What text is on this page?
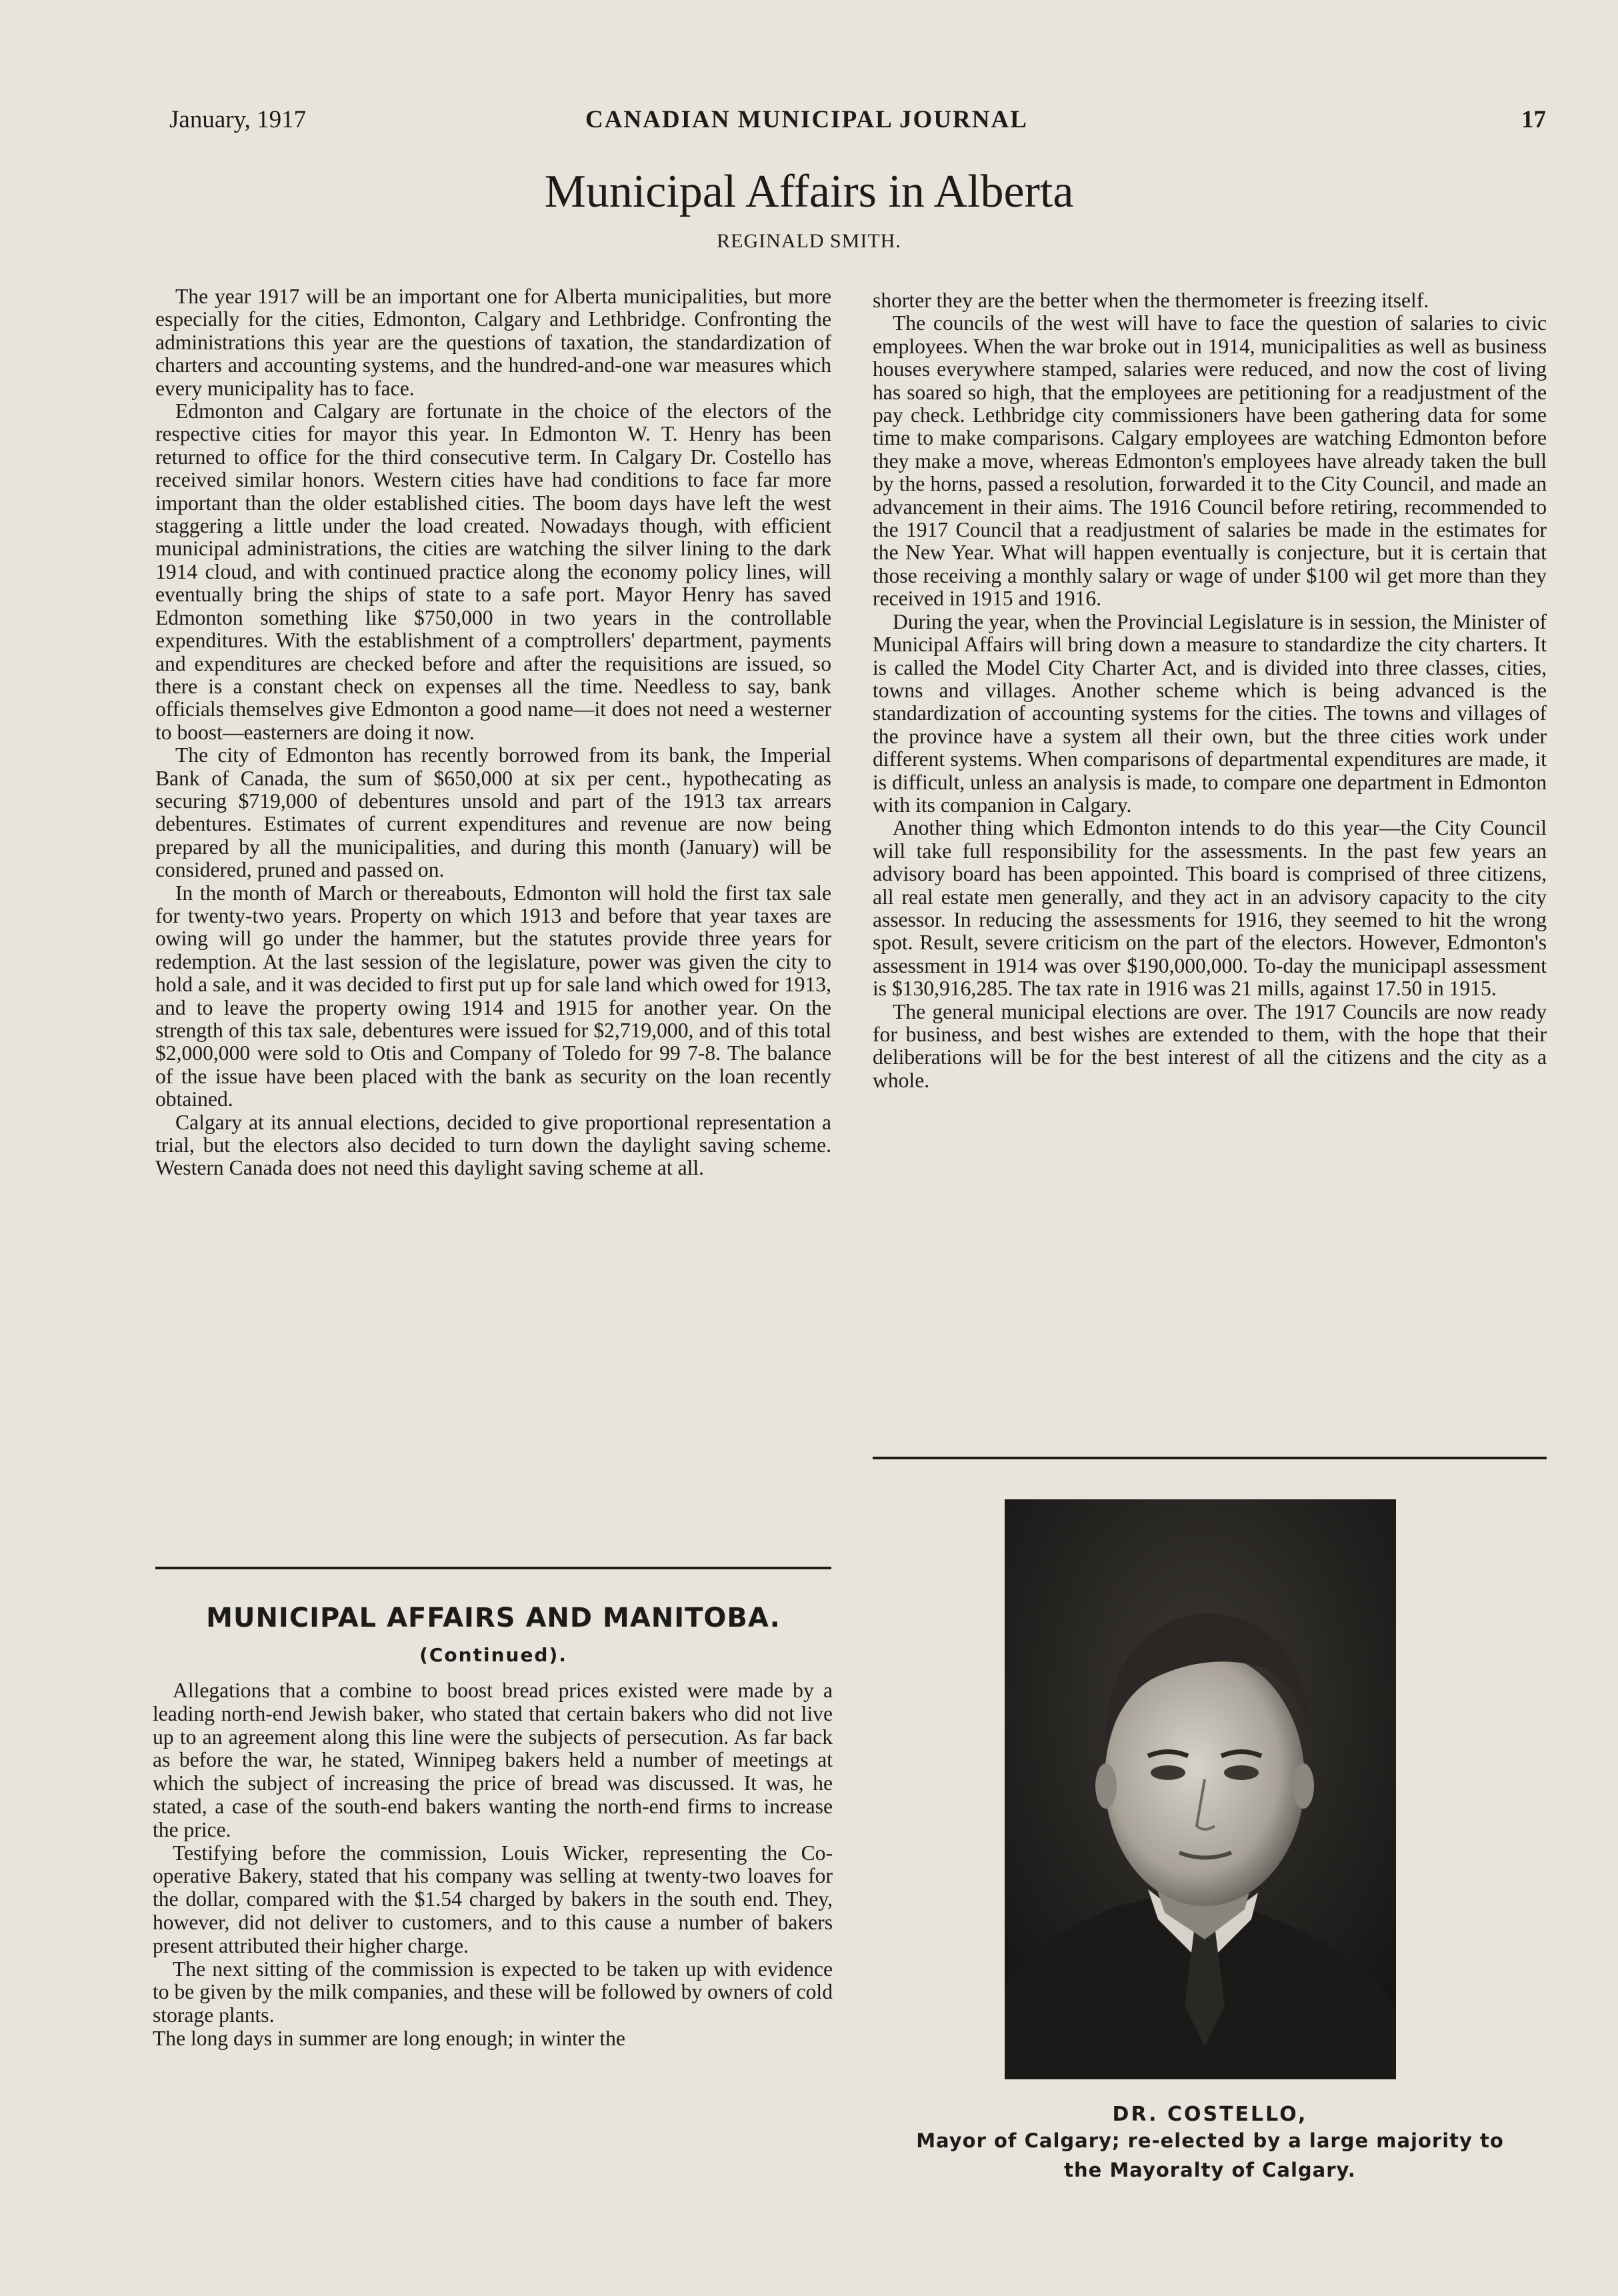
January, 1917	CANADIAN MUNICIPAL JOURNAL	17
Municipal Affairs in Alberta
REGINALD SMITH.

The year 1917 will be an important one for Alberta municipalities, but more especially for the cities, Edmonton, Calgary and Lethbridge. Confronting the administrations this year are the questions of taxation, the standardization of charters and accounting systems, and the hundred-and-one war measures which every municipality has to face.

Edmonton and Calgary are fortunate in the choice of the electors of the respective cities for mayor this year. In Edmonton W. T. Henry has been returned to office for the third consecutive term. In Calgary Dr. Costello has received similar honors. Western cities have had conditions to face far more important than the older established cities. The boom days have left the west staggering a little under the load created. Nowadays though, with efficient municipal administrations, the cities are watching the silver lining to the dark 1914 cloud, and with continued practice along the economy policy lines, will eventually bring the ships of state to a safe port. Mayor Henry has saved Edmonton something like $750,000 in two years in the controllable expenditures. With the establishment of a comptrollers' department, payments and expenditures are checked before and after the requisitions are issued, so there is a constant check on expenses all the time. Needless to say, bank officials themselves give Edmonton a good name—it does not need a westerner to boost—easterners are doing it now.

The city of Edmonton has recently borrowed from its bank, the Imperial Bank of Canada, the sum of $650,000 at six per cent., hypothecating as securing $719,000 of debentures unsold and part of the 1913 tax arrears debentures. Estimates of current expenditures and revenue are now being prepared by all the municipalities, and during this month (January) will be considered, pruned and passed on.

In the month of March or thereabouts, Edmonton will hold the first tax sale for twenty-two years. Property on which 1913 and before that year taxes are owing will go under the hammer, but the statutes provide three years for redemption. At the last session of the legislature, power was given the city to hold a sale, and it was decided to first put up for sale land which owed for 1913, and to leave the property owing 1914 and 1915 for another year. On the strength of this tax sale, debentures were issued for $2,719,000, and of this total $2,000,000 were sold to Otis and Company of Toledo for 99 7-8. The balance of the issue have been placed with the bank as security on the loan recently obtained.

Calgary at its annual elections, decided to give proportional representation a trial, but the electors also decided to turn down the daylight saving scheme. Western Canada does not need this daylight saving scheme at all.

shorter they are the better when the thermometer is freezing itself.

The councils of the west will have to face the question of salaries to civic employees. When the war broke out in 1914, municipalities as well as business houses everywhere stamped, salaries were reduced, and now the cost of living has soared so high, that the employees are petitioning for a readjustment of the pay check. Lethbridge city commissioners have been gathering data for some time to make comparisons. Calgary employees are watching Edmonton before they make a move, whereas Edmonton's employees have already taken the bull by the horns, passed a resolution, forwarded it to the City Council, and made an advancement in their aims. The 1916 Council before retiring, recommended to the 1917 Council that a readjustment of salaries be made in the estimates for the New Year. What will happen eventually is conjecture, but it is certain that those receiving a monthly salary or wage of under $100 wil get more than they received in 1915 and 1916.

During the year, when the Provincial Legislature is in session, the Minister of Municipal Affairs will bring down a measure to standardize the city charters. It is called the Model City Charter Act, and is divided into three classes, cities, towns and villages. Another scheme which is being advanced is the standardization of accounting systems for the cities. The towns and villages of the province have a system all their own, but the three cities work under different systems. When comparisons of departmental expenditures are made, it is difficult, unless an analysis is made, to compare one department in Edmonton with its companion in Calgary.

Another thing which Edmonton intends to do this year—the City Council will take full responsibility for the assessments. In the past few years an advisory board has been appointed. This board is comprised of three citizens, all real estate men generally, and they act in an advisory capacity to the city assessor. In reducing the assessments for 1916, they seemed to hit the wrong spot. Result, severe criticism on the part of the electors. However, Edmonton's assessment in 1914 was over $190,000,000. To-day the municipapl assessment is $130,916,285. The tax rate in 1916 was 21 mills, against 17.50 in 1915.

The general municipal elections are over. The 1917 Councils are now ready for business, and best wishes are extended to them, with the hope that their deliberations will be for the best interest of all the citizens and the city as a whole.

MUNICIPAL AFFAIRS AND MANITOBA.
(Continued).

Allegations that a combine to boost bread prices existed were made by a leading north-end Jewish baker, who stated that certain bakers who did not live up to an agreement along this line were the subjects of persecution. As far back as before the war, he stated, Winnipeg bakers held a number of meetings at which the subject of increasing the price of bread was discussed. It was, he stated, a case of the south-end bakers wanting the north-end firms to increase the price.

Testifying before the commission, Louis Wicker, representing the Co-operative Bakery, stated that his company was selling at twenty-two loaves for the dollar, compared with the $1.54 charged by bakers in the south end. They, however, did not deliver to customers, and to this cause a number of bakers present attributed their higher charge.

The next sitting of the commission is expected to be taken up with evidence to be given by the milk companies, and these will be followed by owners of cold storage plants.

The long days in summer are long enough; in winter the

DR. COSTELLO,
Mayor of Calgary; re-elected by a large majority to
the Mayoralty of Calgary.
